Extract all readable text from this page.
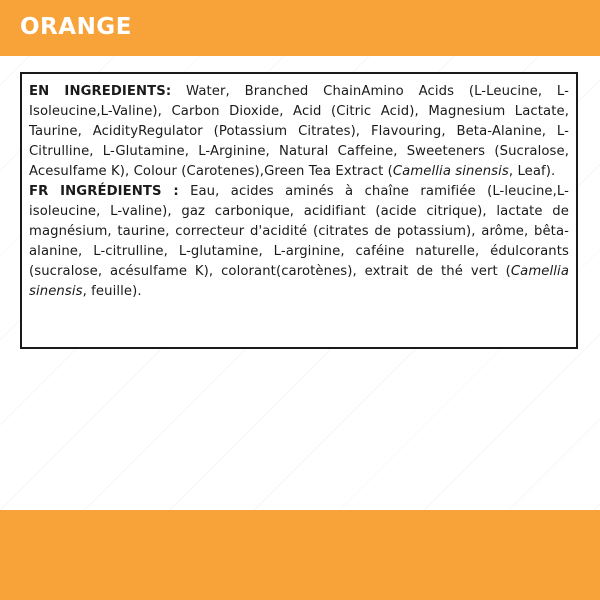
ORANGE

EN INGREDIENTS: Water, Branched ChainAmino Acids (L-Leucine, L-Isoleucine,L-Valine), Carbon Dioxide, Acid (Citric Acid), Magnesium Lactate, Taurine, AcidityRegulator (Potassium Citrates), Flavouring, Beta-Alanine, L-Citrulline, L-Glutamine, L-Arginine, Natural Caffeine, Sweeteners (Sucralose, Acesulfame K), Colour (Carotenes),Green Tea Extract (Camellia sinensis, Leaf).

FR INGRÉDIENTS : Eau, acides aminés à chaîne ramifiée (L-leucine,L-isoleucine, L-valine), gaz carbonique, acidifiant (acide citrique), lactate de magnésium, taurine, correcteur d'acidité (citrates de potassium), arôme, bêta-alanine, L-citrulline, L-glutamine, L-arginine, caféine naturelle, édulcorants (sucralose, acésulfame K), colorant(carotènes), extrait de thé vert (Camellia sinensis, feuille).
